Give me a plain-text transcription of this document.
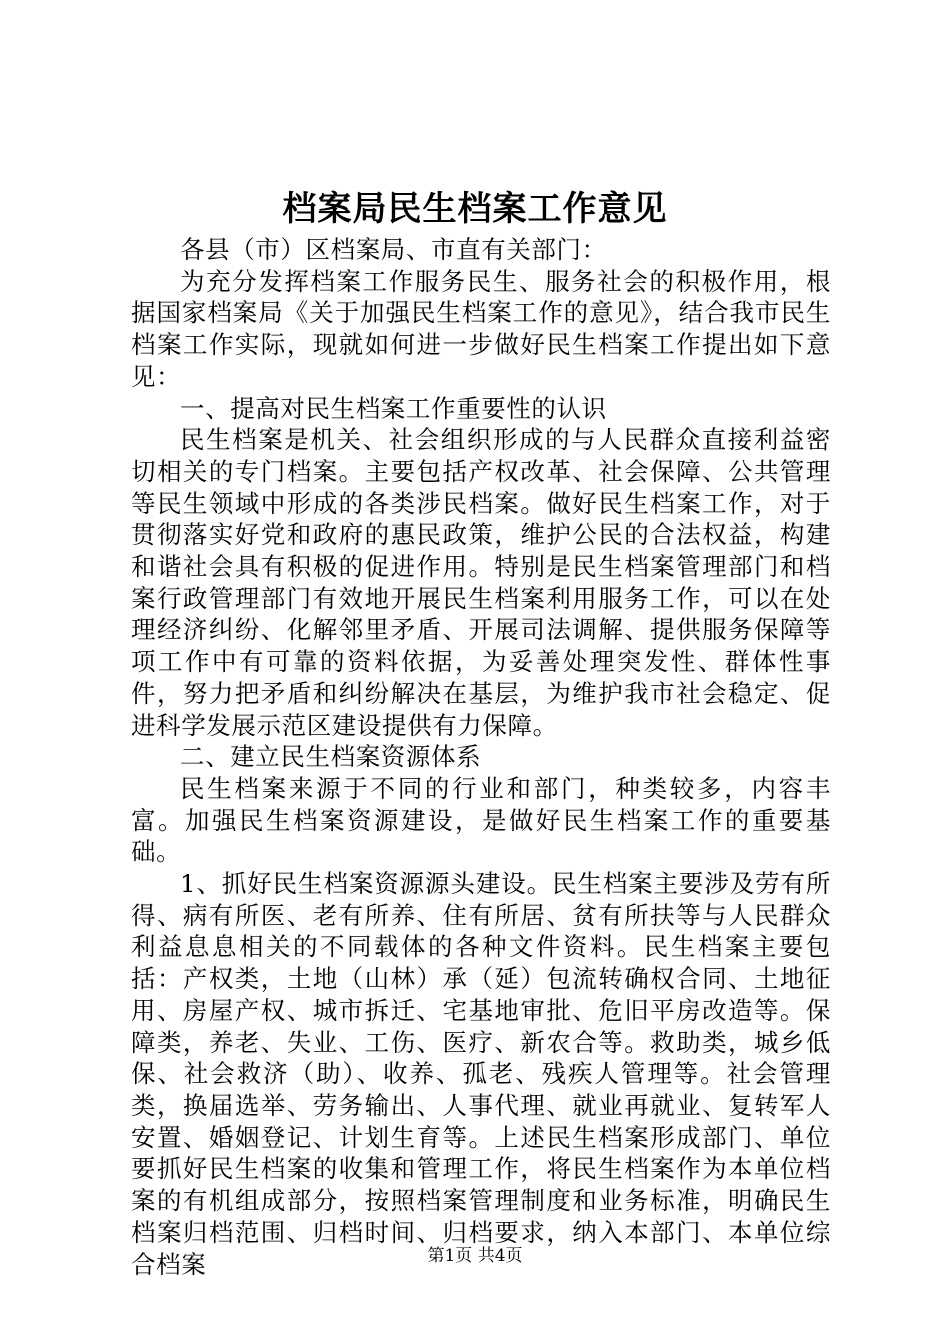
档案局民生档案工作意见

各县（市）区档案局、市直有关部门：

为充分发挥档案工作服务民生、服务社会的积极作用，根据国家档案局《关于加强民生档案工作的意见》，结合我市民生档案工作实际，现就如何进一步做好民生档案工作提出如下意见：

一、提高对民生档案工作重要性的认识

民生档案是机关、社会组织形成的与人民群众直接利益密切相关的专门档案。主要包括产权改革、社会保障、公共管理等民生领域中形成的各类涉民档案。做好民生档案工作，对于贯彻落实好党和政府的惠民政策，维护公民的合法权益，构建和谐社会具有积极的促进作用。特别是民生档案管理部门和档案行政管理部门有效地开展民生档案利用服务工作，可以在处理经济纠纷、化解邻里矛盾、开展司法调解、提供服务保障等项工作中有可靠的资料依据，为妥善处理突发性、群体性事件，努力把矛盾和纠纷解决在基层，为维护我市社会稳定、促进科学发展示范区建设提供有力保障。

二、建立民生档案资源体系

民生档案来源于不同的行业和部门，种类较多，内容丰富。加强民生档案资源建设，是做好民生档案工作的重要基础。

1、抓好民生档案资源源头建设。民生档案主要涉及劳有所得、病有所医、老有所养、住有所居、贫有所扶等与人民群众利益息息相关的不同载体的各种文件资料。民生档案主要包括：产权类，土地（山林）承（延）包流转确权合同、土地征用、房屋产权、城市拆迁、宅基地审批、危旧平房改造等。保障类，养老、失业、工伤、医疗、新农合等。救助类，城乡低保、社会救济（助）、收养、孤老、残疾人管理等。社会管理类，换届选举、劳务输出、人事代理、就业再就业、复转军人安置、婚姻登记、计划生育等。上述民生档案形成部门、单位要抓好民生档案的收集和管理工作，将民生档案作为本单位档案的有机组成部分，按照档案管理制度和业务标准，明确民生档案归档范围、归档时间、归档要求，纳入本部门、本单位综合档案	第1页 共4页
